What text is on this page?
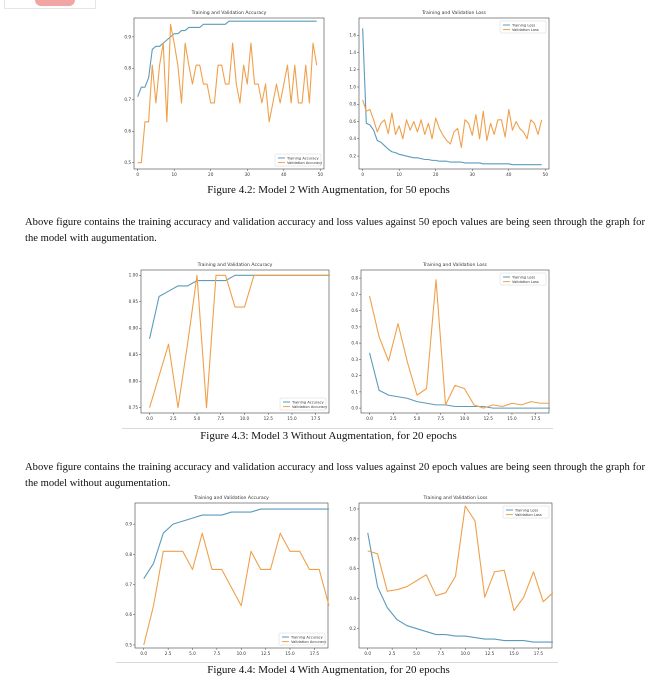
Training and Validation Accuracy
0	10	20	30	40	50
0.5
0.6
0.7
0.8
0.9
Training Accuracy
Validation Accuracy
Training and Validation Loss
0	10	20	30	40	50
0.2
0.4
0.6
0.8
1.0
1.2
1.4
1.6
Training Loss
Validation Loss
Figure 4.2: Model 2 With Augmentation, for 50 epochs
Above figure contains the training accuracy and validation accuracy and loss values against 50 epoch values are being seen through the graph for the model with augumentation.
Training and Validation Accuracy
0.0	2.5	5.0	7.5	10.0	12.5	15.0	17.5
0.75
0.80
0.85
0.90
0.95
1.00
Training Accuracy
Validation Accuracy
Training and Validation Loss
0.0	2.5	5.0	7.5	10.0	12.5	15.0	17.5
0.0
0.1
0.2
0.3
0.4
0.5
0.6
0.7
0.8	Training Loss
Validation Loss
Figure 4.3: Model 3 Without Augmentation, for 20 epochs
Above figure contains the training accuracy and validation accuracy and loss values against 20 epoch values are being seen through the graph for the model without augumentation.
Training and Validation Accuracy
0.0	2.5	5.0	7.5	10.0	12.5	15.0	17.5
0.5
0.6
0.7
0.8
0.9
Training Accuracy
Validation Accuracy
Training and Validation Loss
0.0	2.5	5.0	7.5	10.0	12.5	15.0	17.5
0.2
0.4
0.6
0.8
1.0	Training Loss
Validation Loss
Figure 4.4: Model 4 With Augmentation, for 20 epochs
